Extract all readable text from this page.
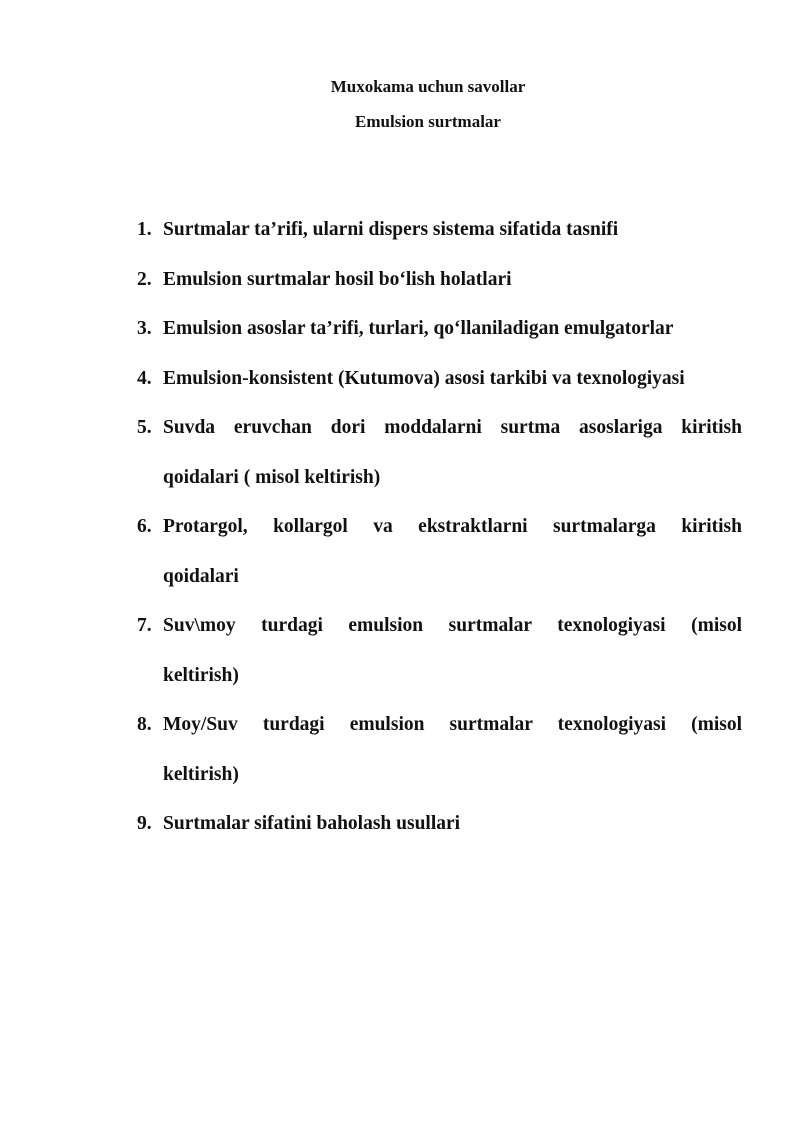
Muxokama uchun savollar
Emulsion surtmalar
1. Surtmalar ta’rifi, ularni dispers sistema sifatida tasnifi
2. Emulsion surtmalar hosil bo‘lish holatlari
3. Emulsion asoslar ta’rifi, turlari, qo‘llaniladigan emulgatorlar
4. Emulsion-konsistent (Kutumova) asosi tarkibi va texnologiyasi
5. Suvda eruvchan dori moddalarni surtma asoslariga kiritish
qoidalari ( misol keltirish)
6. Protargol, kollargol va ekstraktlarni surtmalarga kiritish
qoidalari
7. Suv\moy turdagi emulsion surtmalar texnologiyasi (misol
keltirish)
8. Moy/Suv turdagi emulsion surtmalar texnologiyasi (misol
keltirish)
9. Surtmalar sifatini baholash usullari
